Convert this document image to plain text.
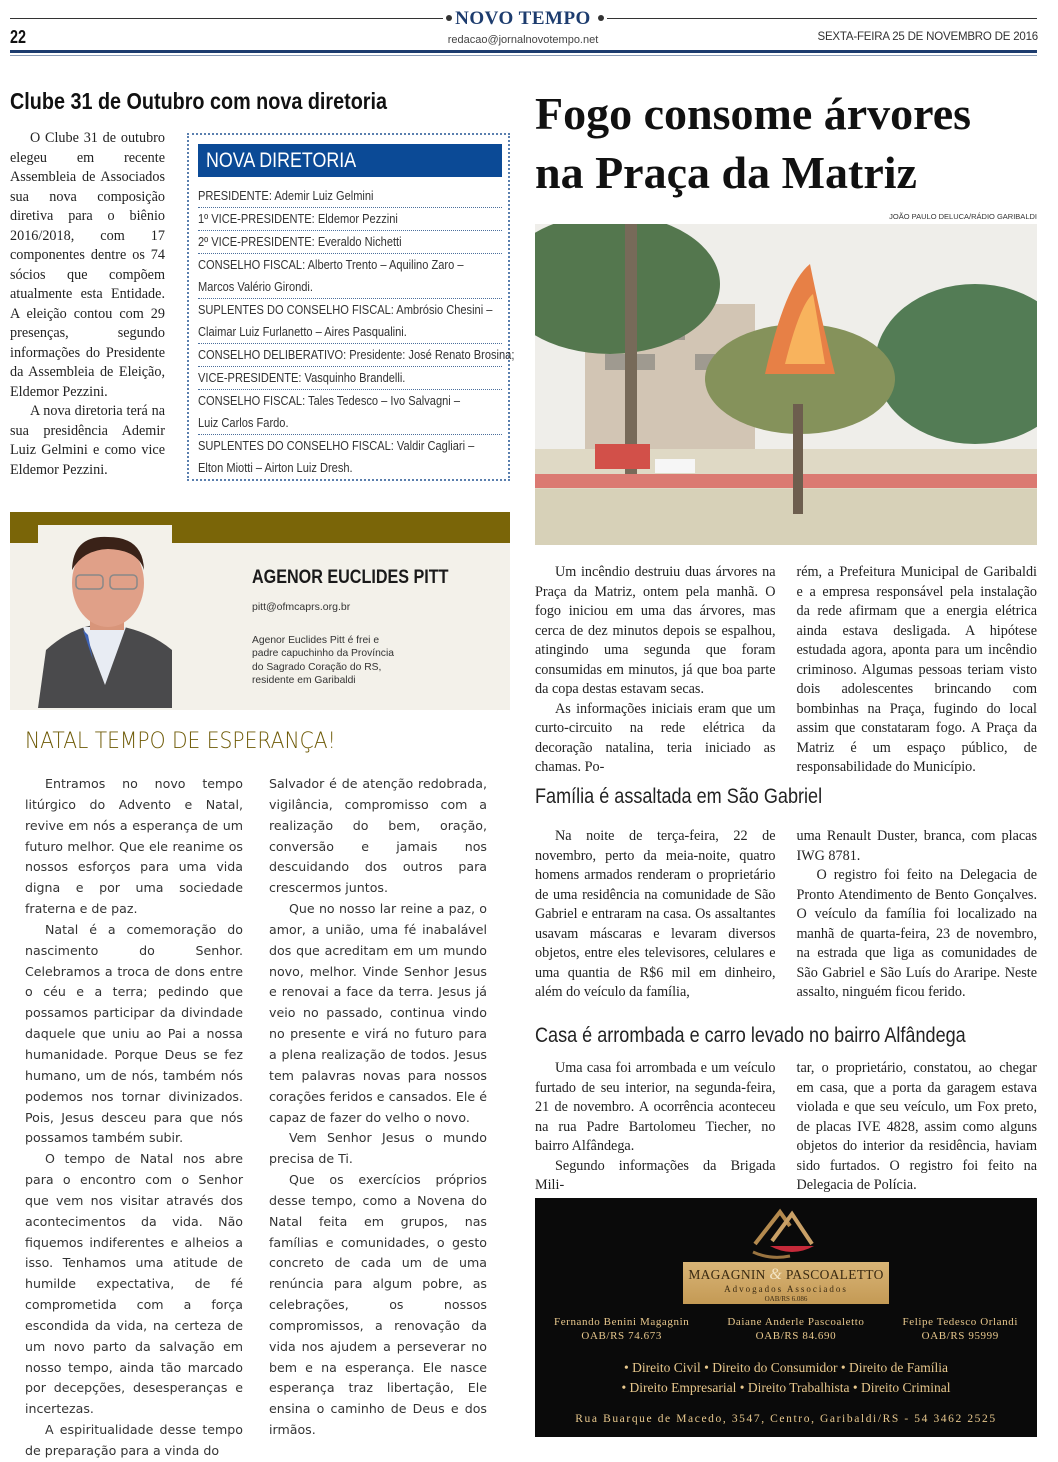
NOVO TEMPO
22	redacao@jornalnovotempo.net	SEXTA-FEIRA 25 DE NOVEMBRO DE 2016
Clube 31 de Outubro com nova diretoria

O Clube 31 de outubro elegeu em recente Assembleia de Associados sua nova composição diretiva para o biênio 2016/2018, com 17 componentes dentre os 74 sócios que compõem atualmente esta Entidade. A eleição contou com 29 presenças, segundo informações do Presidente da Assembleia de Eleição, Eldemor Pezzini.

A nova diretoria terá na sua presidência Ademir Luiz Gelmini e como vice Eldemor Pezzini.

NOVA DIRETORIA
PRESIDENTE: Ademir Luiz Gelmini
1º VICE-PRESIDENTE: Eldemor Pezzini
2º VICE-PRESIDENTE: Everaldo Nichetti
CONSELHO FISCAL: Alberto Trento – Aquilino Zaro –
Marcos Valério Girondi.
SUPLENTES DO CONSELHO FISCAL: Ambrósio Chesini –
Claimar Luiz Furlanetto – Aires Pasqualini.
CONSELHO DELIBERATIVO: Presidente: José Renato Brosina;
VICE-PRESIDENTE: Vasquinho Brandelli.
CONSELHO FISCAL: Tales Tedesco – Ivo Salvagni –
Luiz Carlos Fardo.
SUPLENTES DO CONSELHO FISCAL: Valdir Cagliari –
Elton Miotti – Airton Luiz Dresh.
Fogo consome árvores
na Praça da Matriz
JOÃO PAULO DELUCA/RÁDIO GARIBALDI

Um incêndio destruiu duas árvores na Praça da Matriz, ontem pela manhã. O fogo iniciou em uma das árvores, mas cerca de dez minutos depois se espalhou, atingindo uma segunda que foram consumidas em minutos, já que boa parte da copa destas estavam secas.

As informações iniciais eram que um curto-circuito na rede elétrica da decoração natalina, teria iniciado as chamas. Po-

rém, a Prefeitura Municipal de Garibaldi e a empresa responsável pela instalação da rede afirmam que a energia elétrica ainda estava desligada. A hipótese estudada agora, aponta para um incêndio criminoso. Algumas pessoas teriam visto dois adolescentes brincando com bombinhas na Praça, fugindo do local assim que constataram fogo. A Praça da Matriz é um espaço público, de responsabilidade do Município.

Família é assaltada em São Gabriel

Na noite de terça-feira, 22 de novembro, perto da meia-noite, quatro homens armados renderam o proprietário de uma residência na comunidade de São Gabriel e entraram na casa. Os assaltantes usavam máscaras e levaram diversos objetos, entre eles televisores, celulares e uma quantia de R$6 mil em dinheiro, além do veículo da família,

uma Renault Duster, branca, com placas IWG 8781.

O registro foi feito na Delegacia de Pronto Atendimento de Bento Gonçalves. O veículo da família foi localizado na manhã de quarta-feira, 23 de novembro, na estrada que liga as comunidades de São Gabriel e São Luís do Araripe. Neste assalto, ninguém ficou ferido.

Casa é arrombada e carro levado no bairro Alfândega

Uma casa foi arrombada e um veículo furtado de seu interior, na segunda-feira, 21 de novembro. A ocorrência aconteceu na rua Padre Bartolomeu Tiecher, no bairro Alfândega.

Segundo informações da Brigada Mili-

tar, o proprietário, constatou, ao chegar em casa, que a porta da garagem estava violada e que seu veículo, um Fox preto, de placas IVE 4828, assim como alguns objetos do interior da residência, haviam sido furtados. O registro foi feito na Delegacia de Polícia.

MAGAGNIN & PASCOALETTO
Advogados Associados
OAB/RS 6.086
Fernando Benini Magagnin
OAB/RS 74.673
Daiane Anderle Pascoaletto
OAB/RS 84.690
Felipe Tedesco Orlandi
OAB/RS 95999
• Direito Civil • Direito do Consumidor • Direito de Família
• Direito Empresarial • Direito Trabalhista • Direito Criminal
Rua Buarque de Macedo, 3547, Centro, Garibaldi/RS - 54 3462 2525
AGENOR EUCLIDES PITT
pitt@ofmcaprs.org.br
Agenor Euclides Pitt é frei e padre capuchinho da Província do Sagrado Coração do RS, residente em Garibaldi
NATAL TEMPO DE ESPERANÇA!

Entramos no novo tempo litúrgico do Advento e Natal, revive em nós a esperança de um futuro melhor. Que ele reanime os nossos esforços para uma vida digna e por uma sociedade fraterna e de paz.

Natal é a comemoração do nascimento do Senhor. Celebramos a troca de dons entre o céu e a terra; pedindo que possamos participar da divindade daquele que uniu ao Pai a nossa humanidade. Porque Deus se fez humano, um de nós, também nós podemos nos tornar divinizados. Pois, Jesus desceu para que nós possamos também subir.

O tempo de Natal nos abre para o encontro com o Senhor que vem nos visitar através dos acontecimentos da vida. Não fiquemos indiferentes e alheios a isso. Tenhamos uma atitude de humilde expectativa, de fé comprometida com a força escondida da vida, na certeza de um novo parto da salvação em nosso tempo, ainda tão marcado por decepções, desesperanças e incertezas.

A espiritualidade desse tempo de preparação para a vinda do

Salvador é de atenção redobrada, vigilância, compromisso com a realização do bem, oração, conversão e jamais nos descuidando dos outros para crescermos juntos.

Que no nosso lar reine a paz, o amor, a união, uma fé inabalável dos que acreditam em um mundo novo, melhor. Vinde Senhor Jesus e renovai a face da terra. Jesus já veio no passado, continua vindo no presente e virá no futuro para a plena realização de todos. Jesus tem palavras novas para nossos corações feridos e cansados. Ele é capaz de fazer do velho o novo.

Vem Senhor Jesus o mundo precisa de Ti.

Que os exercícios próprios desse tempo, como a Novena do Natal feita em grupos, nas famílias e comunidades, o gesto concreto de cada um de uma renúncia para algum pobre, as celebrações, os nossos compromissos, a renovação da vida nos ajudem a perseverar no bem e na esperança. Ele nasce esperança traz libertação, Ele ensina o caminho de Deus e dos irmãos.
